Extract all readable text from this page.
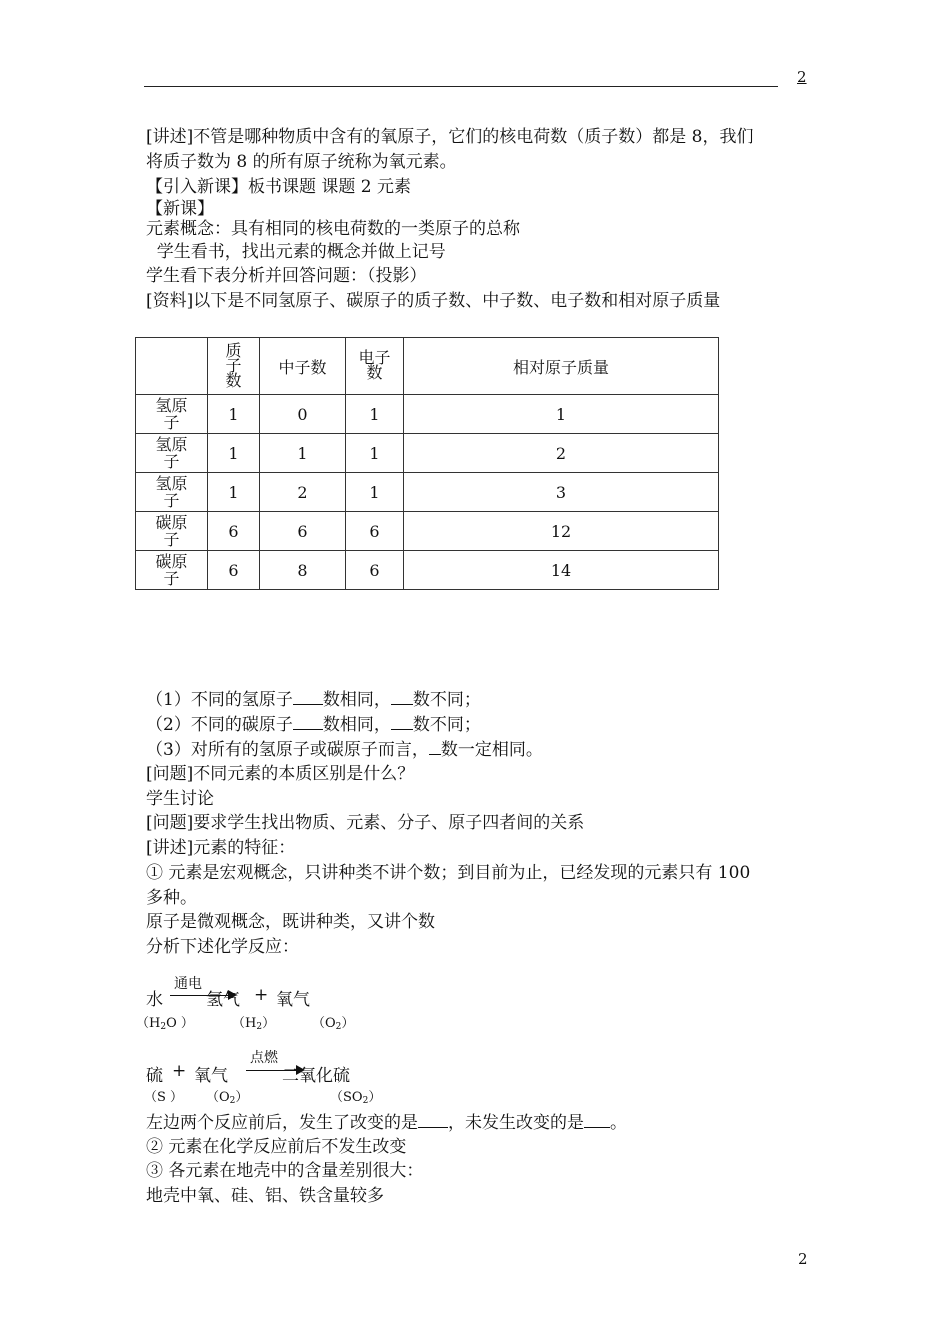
2
[讲述]不管是哪种物质中含有的氧原子，它们的核电荷数（质子数）都是 8，我们
将质子数为 8 的所有原子统称为氧元素。
【引入新课】板书课题 课题 2 元素
【新课】
元素概念：具有相同的核电荷数的一类原子的总称
学生看书，找出元素的概念并做上记号
学生看下表分析并回答问题：（投影）
[资料]以下是不同氢原子、碳原子的质子数、中子数、电子数和相对原子质量
	质子数	中子数	电子数	相对原子质量
氢原子	1	0	1	1
氢原子	1	1	1	2
氢原子	1	2	1	3
碳原子	6	6	6	12
碳原子	6	8	6	14
（1）不同的氢原子 数相同， 数不同；
（2）不同的碳原子 数相同， 数不同；
（3）对所有的氢原子或碳原子而言， 数一定相同。
[问题]不同元素的本质区别是什么？
学生讨论
[问题]要求学生找出物质、元素、分子、原子四者间的关系
[讲述]元素的特征：
① 元素是宏观概念，只讲种类不讲个数；到目前为止，已经发现的元素只有 100
多种。
原子是微观概念，既讲种类，又讲个数
分析下述化学反应：
水
通电
氢气 + 氧气
（$H_2O$ ）	$(H_2)$	$(O_2)$
硫 + 氧气
点燃
二氧化硫
（S ） $(O_2)$	$(SO_2)$
左边两个反应前后，发生了改变的是 ，未发生改变的是 。
② 元素在化学反应前后不发生改变
③ 各元素在地壳中的含量差别很大：
地壳中氧、硅、铝、铁含量较多
2
